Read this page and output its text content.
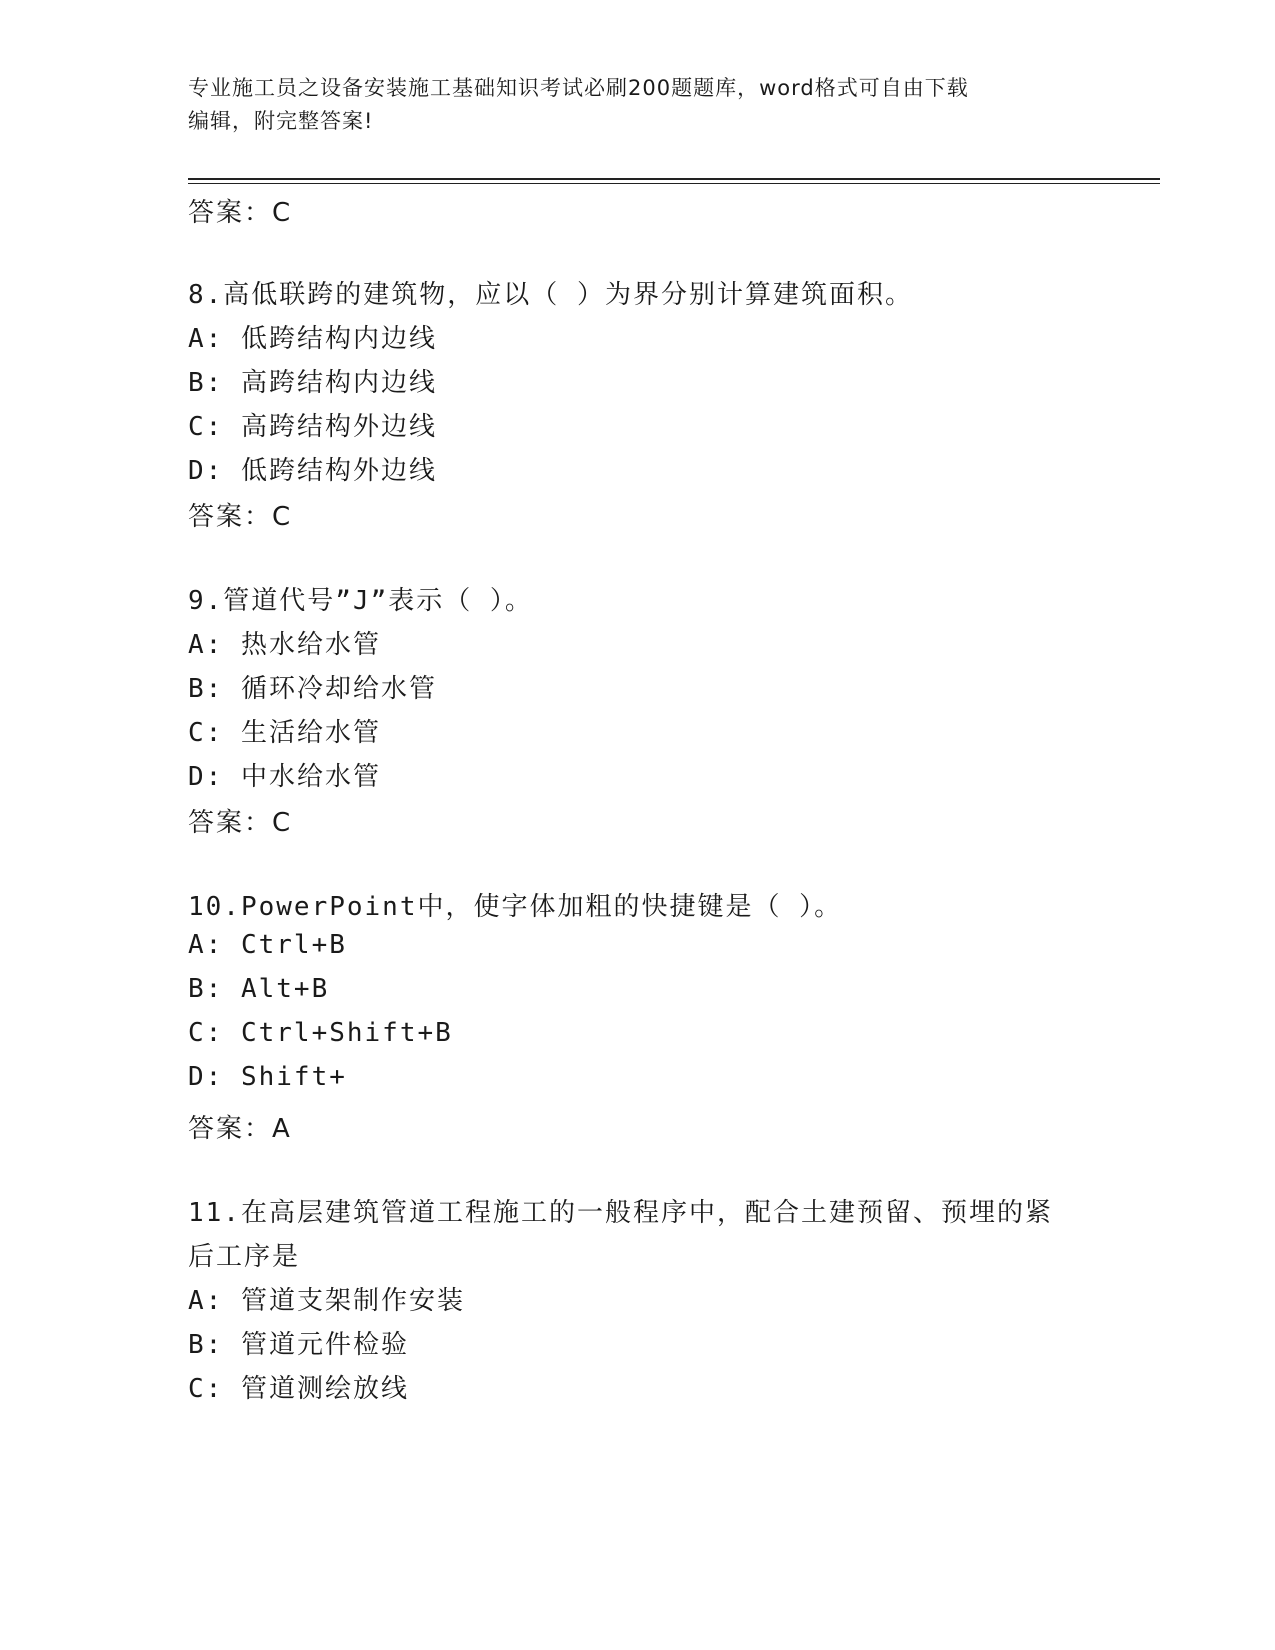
专业施工员之设备安装施工基础知识考试必刷200题题库，word格式可自由下载
编辑，附完整答案!
答案：C
8.高低联跨的建筑物，应以（ ）为界分别计算建筑面积。
A: 低跨结构内边线
B: 高跨结构内边线
C: 高跨结构外边线
D: 低跨结构外边线
答案：C
9.管道代号”J”表示（ ）。
A: 热水给水管
B: 循环冷却给水管
C: 生活给水管
D: 中水给水管
答案：C
10.PowerPoint中，使字体加粗的快捷键是（ ）。
A: Ctrl+B
B: Alt+B
C: Ctrl+Shift+B
D: Shift+
答案：A
11.在高层建筑管道工程施工的一般程序中，配合土建预留、预埋的紧
后工序是
A: 管道支架制作安装
B: 管道元件检验
C: 管道测绘放线
